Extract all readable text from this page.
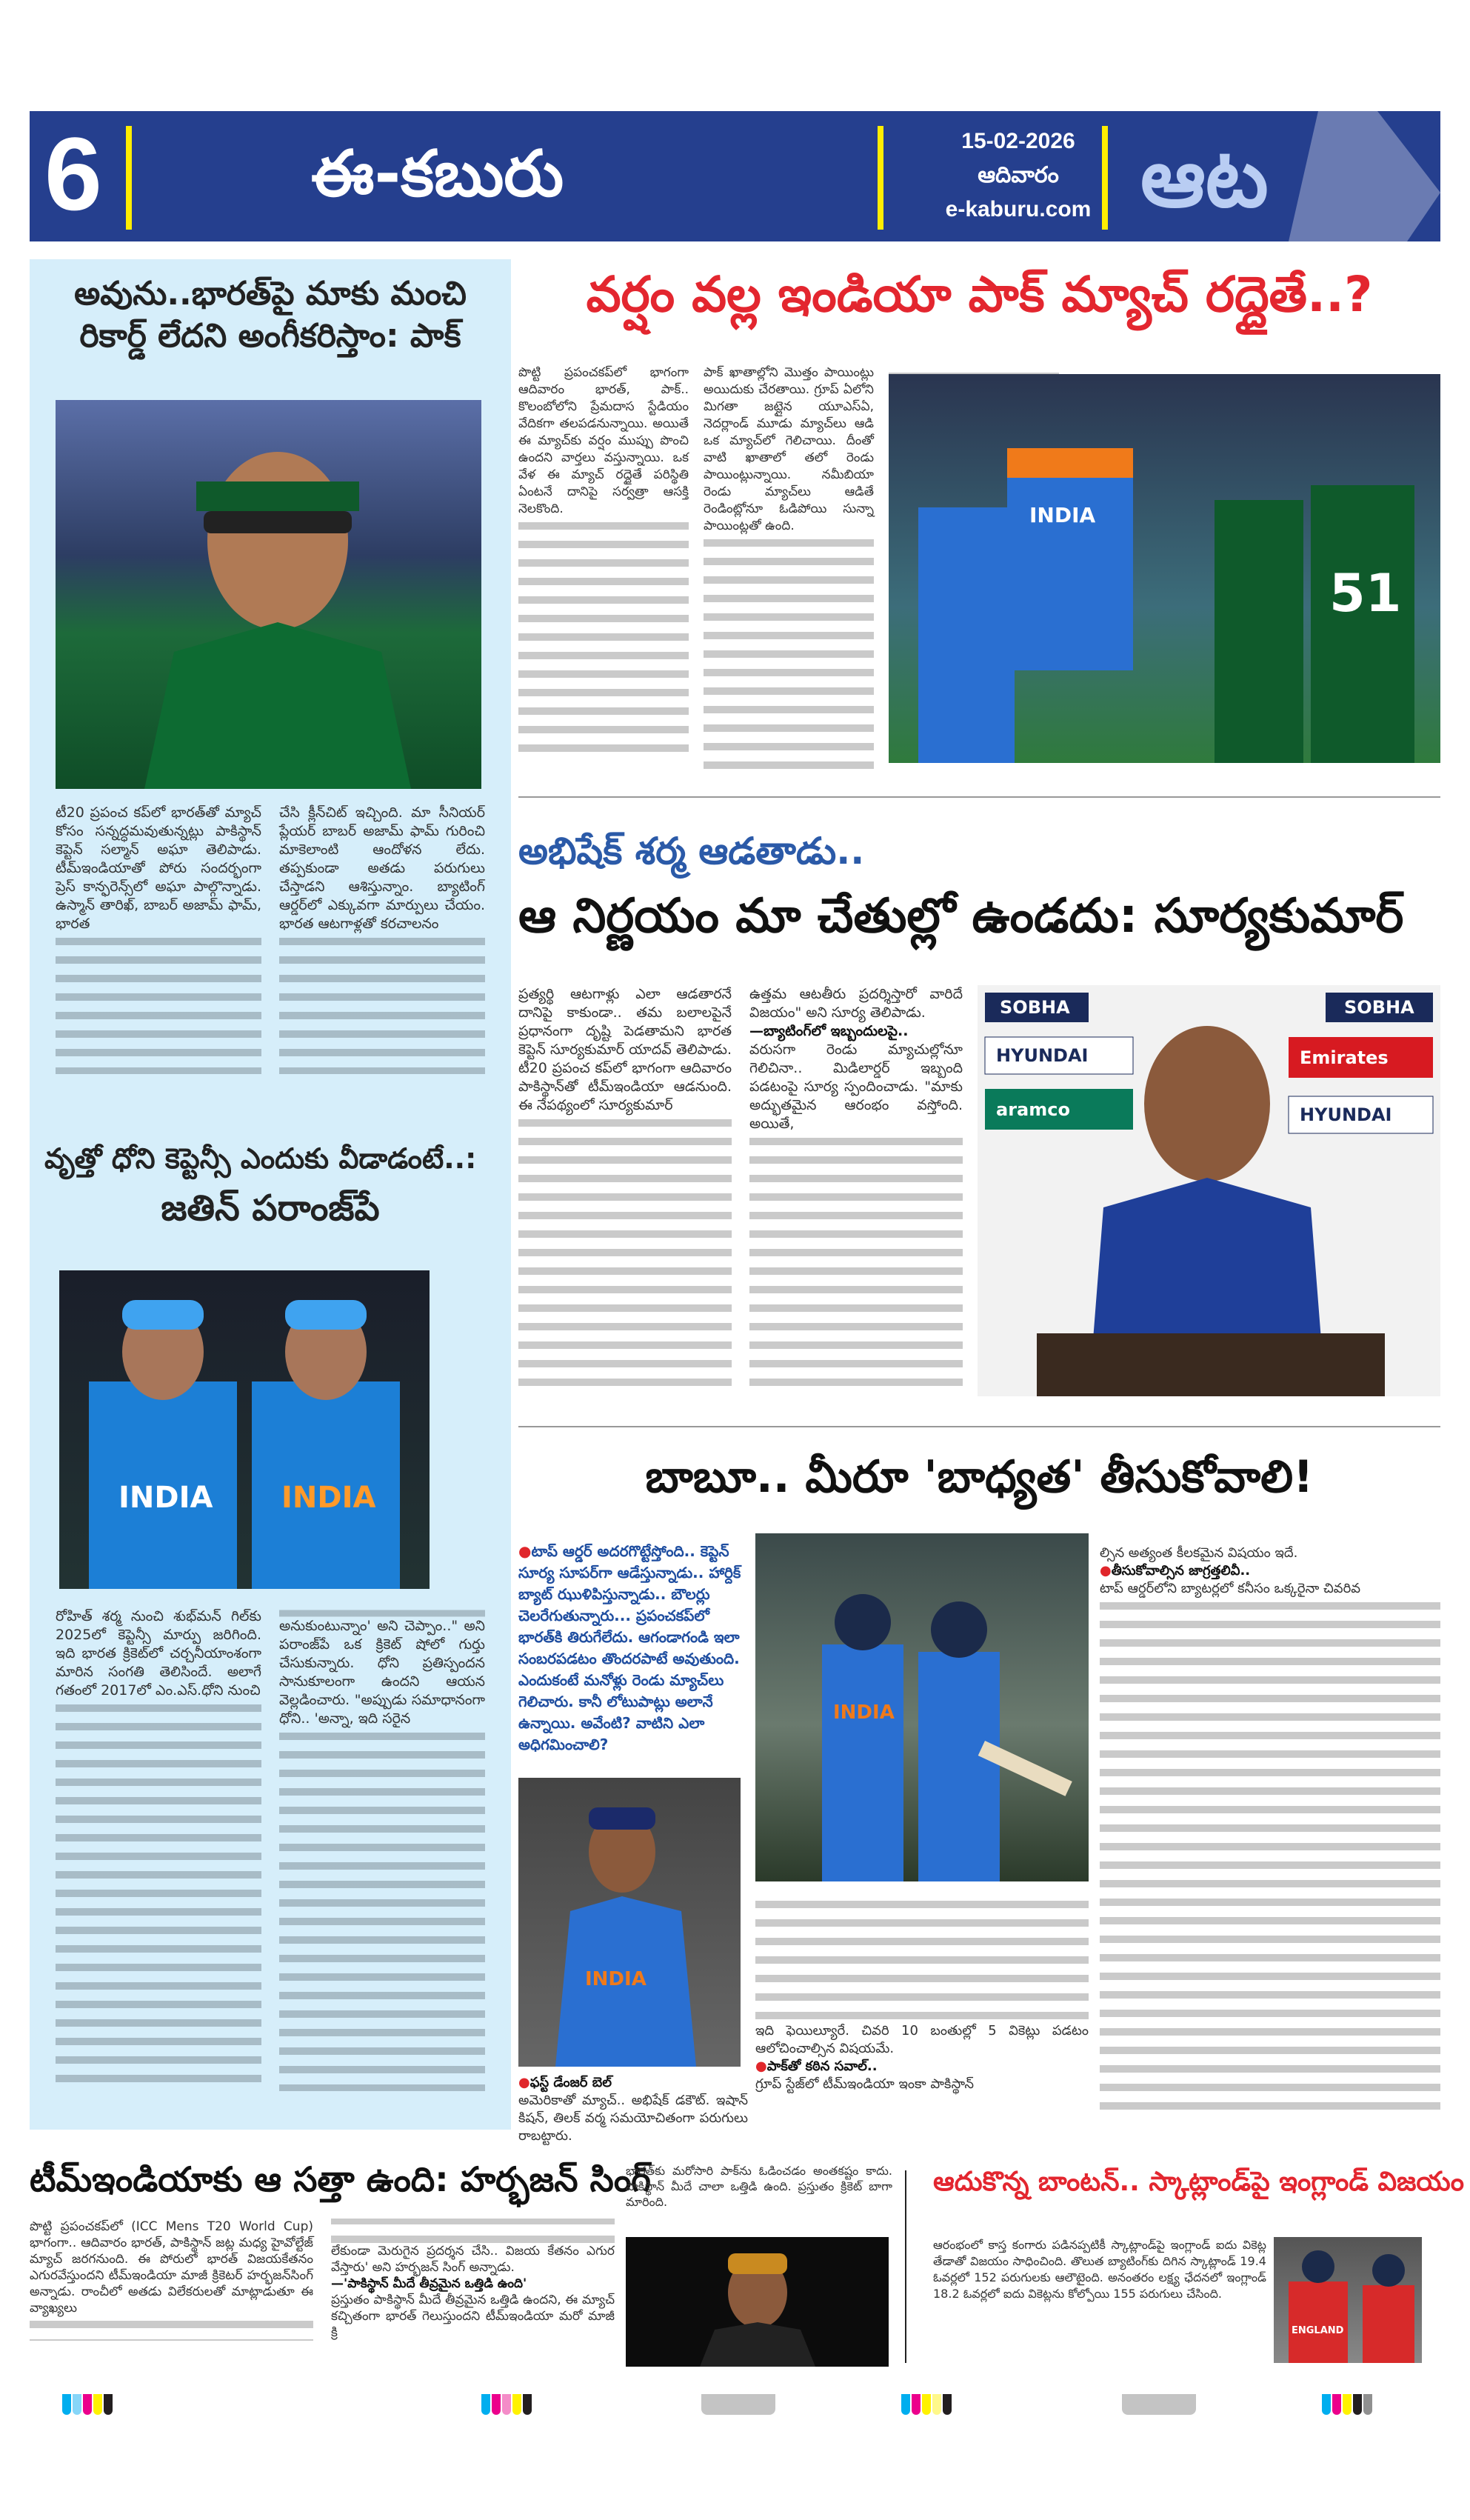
6	ఈ-కబురు	15-02-2026
ఆదివారం
e-kaburu.com ఆట
అవును..భారత్‌పై మాకు మంచి
రికార్డ్ లేదని అంగీకరిస్తాం: పాక్

టీ20 ప్రపంచ కప్‌లో భారత్‌తో మ్యాచ్ కోసం సన్నద్ధమవుతున్నట్లు పాకిస్థాన్ కెప్టెన్ సల్మాన్ అఘా తెలిపాడు. టీమ్‌ఇండియాతో పోరు సందర్భంగా ప్రెస్ కాన్ఫరెన్స్‌లో అఘా పాల్గొన్నాడు. ఉస్మాన్ తారిఖ్, బాబర్ అజామ్ ఫామ్, భారత

చేసి క్లీన్‌చిట్ ఇచ్చింది. మా సీనియర్ ప్లేయర్ బాబర్ అజామ్ ఫామ్ గురించి మాకెలాంటి ఆందోళన లేదు. తప్పకుండా అతడు పరుగులు చేస్తాడని ఆశిస్తున్నాం. బ్యాటింగ్ ఆర్డర్‌లో ఎక్కువగా మార్పులు చేయం. భారత ఆటగాళ్లతో కరచాలనం

వృత్తో ధోని కెప్టెన్సీ ఎందుకు వీడాడంటే..:
జతిన్ పరాంజ్‌పే
INDIA INDIA

రోహిత్ శర్మ నుంచి శుభ్‌మన్ గిల్‌కు 2025లో కెప్టెన్సీ మార్పు జరిగింది. ఇది భారత క్రికెట్‌లో చర్చనీయాంశంగా మారిన సంగతి తెలిసిందే. అలాగే గతంలో 2017లో ఎం.ఎస్.ధోని నుంచి

అనుకుంటున్నాం' అని చెప్పాం.." అని పరాంజ్‌పే ఒక క్రికెట్ షోలో గుర్తు చేసుకున్నారు. ధోని ప్రతిస్పందన సానుకూలంగా ఉందని ఆయన వెల్లడించారు. "అప్పుడు సమాధానంగా ధోని.. 'అన్నా, ఇది సరైన

వర్షం వల్ల ఇండియా పాక్ మ్యాచ్ రద్దైతే..?

పొట్టి ప్రపంచకప్‌లో భాగంగా ఆదివారం భారత్, పాక్.. కొలంబోలోని ప్రేమదాస స్టేడియం వేదికగా తలపడనున్నాయి. అయితే ఈ మ్యాచ్‌కు వర్షం ముప్పు పొంచి ఉందని వార్తలు వస్తున్నాయి. ఒక వేళ ఈ మ్యాచ్ రద్దైతే పరిస్థితి ఏంటనే దానిపై సర్వత్రా ఆసక్తి నెలకొంది.

పాక్ ఖాతాల్లోని మొత్తం పాయింట్లు అయిదుకు చేరతాయి. గ్రూప్ ఏలోని మిగతా జట్లైన యూఎస్ఏ, నెదర్లాండ్ మూడు మ్యాచ్‌లు ఆడి ఒక మ్యాచ్‌లో గెలిచాయి. దీంతో వాటి ఖాతాలో తలో రెండు పాయింట్లున్నాయి. నమీబియా రెండు మ్యాచ్‌లు ఆడితే రెండింట్లోనూ ఓడిపోయి సున్నా పాయింట్లతో ఉంది.

51
INDIA
అభిషేక్ శర్మ ఆడతాడు..
ఆ నిర్ణయం మా చేతుల్లో ఉండదు: సూర్యకుమార్

ప్రత్యర్థి ఆటగాళ్లు ఎలా ఆడతారనే దానిపై కాకుండా.. తమ బలాలపైనే ప్రధానంగా దృష్టి పెడతామని భారత కెప్టెన్ సూర్యకుమార్ యాదవ్ తెలిపాడు. టీ20 ప్రపంచ కప్‌లో భాగంగా ఆదివారం పాకిస్థాన్‌తో టీమ్‌ఇండియా ఆడనుంది. ఈ నేపథ్యంలో సూర్యకుమార్

ఉత్తమ ఆటతీరు ప్రదర్శిస్తారో వారిదే విజయం" అని సూర్య తెలిపాడు.

—బ్యాటింగ్‌లో ఇబ్బందులపై..

వరుసగా రెండు మ్యాచుల్లోనూ గెలిచినా.. మిడిలార్డర్ ఇబ్బంది పడటంపై సూర్య స్పందించాడు. "మాకు అద్భుతమైన ఆరంభం వస్తోంది. అయితే,

SOBHA	SOBHA
HYUNDAI	Emirates
aramco	HYUNDAI
బాబూ.. మీరూ 'బాధ్యత' తీసుకోవాలి!
●టాప్ ఆర్డర్ అదరగొట్టేస్తోంది.. కెప్టెన్ సూర్య సూపర్‌గా ఆడేస్తున్నాడు.. హార్దిక్ బ్యాట్ ఝుళిపిస్తున్నాడు.. బౌలర్లు చెలరేగుతున్నారు... ప్రపంచకప్‌లో భారత్‌కి తిరుగేలేదు. ఆగండాగండి ఇలా సంబరపడటం తొందరపాటే అవుతుంది. ఎందుకంటే మనోళ్లు రెండు మ్యాచ్‌లు గెలిచారు. కానీ లోటుపాట్లు అలానే ఉన్నాయి. అవేంటి? వాటిని ఎలా అధిగమించాలి?
INDIA
INDIA
●ఫస్ట్ డేంజర్ బెల్
అమెరికాతో మ్యాచ్.. అభిషేక్ డకౌట్. ఇషాన్ కిషన్, తిలక్ వర్మ సమయోచితంగా పరుగులు రాబట్టారు.

ఇది ఫెయిల్యూరే. చివరి 10 బంతుల్లో 5 వికెట్లు పడటం ఆలోచించాల్సిన విషయమే.

●పాక్‌తో కఠిన సవాల్..

గ్రూప్ స్టేజ్‌లో టీమ్‌ఇండియా ఇంకా పాకిస్థాన్

ల్సిన అత్యంత కీలకమైన విషయం ఇదే.

●తీసుకోవాల్సిన జాగ్రత్తలివీ..

టాప్ ఆర్డర్‌లోని బ్యాటర్లలో కనీసం ఒక్కరైనా చివరివ

టీమ్‌ఇండియాకు ఆ సత్తా ఉంది: హర్భజన్ సింగ్

పొట్టి ప్రపంచకప్‌లో (ICC Mens T20 World Cup) భాగంగా.. ఆదివారం భారత్, పాకిస్థాన్ జట్ల మధ్య హైవోల్టేజ్ మ్యాచ్ జరగనుంది. ఈ పోరులో భారత్ విజయకేతనం ఎగురవేస్తుందని టీమ్‌ఇండియా మాజీ క్రికెటర్ హర్భజన్‌సింగ్ అన్నాడు. రాంచీలో అతడు విలేకరులతో మాట్లాడుతూ ఈ వ్యాఖ్యలు

లేకుండా మెరుగైన ప్రదర్శన చేసి.. విజయ కేతనం ఎగుర వేస్తారు' అని హర్భజన్ సింగ్ అన్నాడు.

—'పాకిస్థాన్ మీదే తీవ్రమైన ఒత్తిడి ఉంది'

ప్రస్తుతం పాకిస్థాన్ మీదే తీవ్రమైన ఒత్తిడి ఉందని, ఈ మ్యాచ్ కచ్చితంగా భారత్ గెలుస్తుందని టీమ్‌ఇండియా మరో మాజీ క్రి

భారత్‌కు మరోసారి పాక్‌ను ఓడించడం అంతకష్టం కాదు. పాకిస్థాన్ మీదే చాలా ఒత్తిడి ఉంది. ప్రస్తుతం క్రికెట్ బాగా మారింది.
ఆదుకొన్న బాంటన్.. స్కాట్లాండ్‌పై ఇంగ్లాండ్ విజయం
ఆరంభంలో కాస్త కంగారు పడినప్పటికీ స్కాట్లాండ్‌పై ఇంగ్లాండ్ ఐదు వికెట్ల తేడాతో విజయం సాధించింది. తొలుత బ్యాటింగ్‌కు దిగిన స్కాట్లాండ్ 19.4 ఓవర్లలో 152 పరుగులకు ఆలౌటైంది. అనంతరం లక్ష్య ఛేదనలో ఇంగ్లాండ్ 18.2 ఓవర్లలో ఐదు వికెట్లను కోల్పోయి 155 పరుగులు చేసింది.
ENGLAND
